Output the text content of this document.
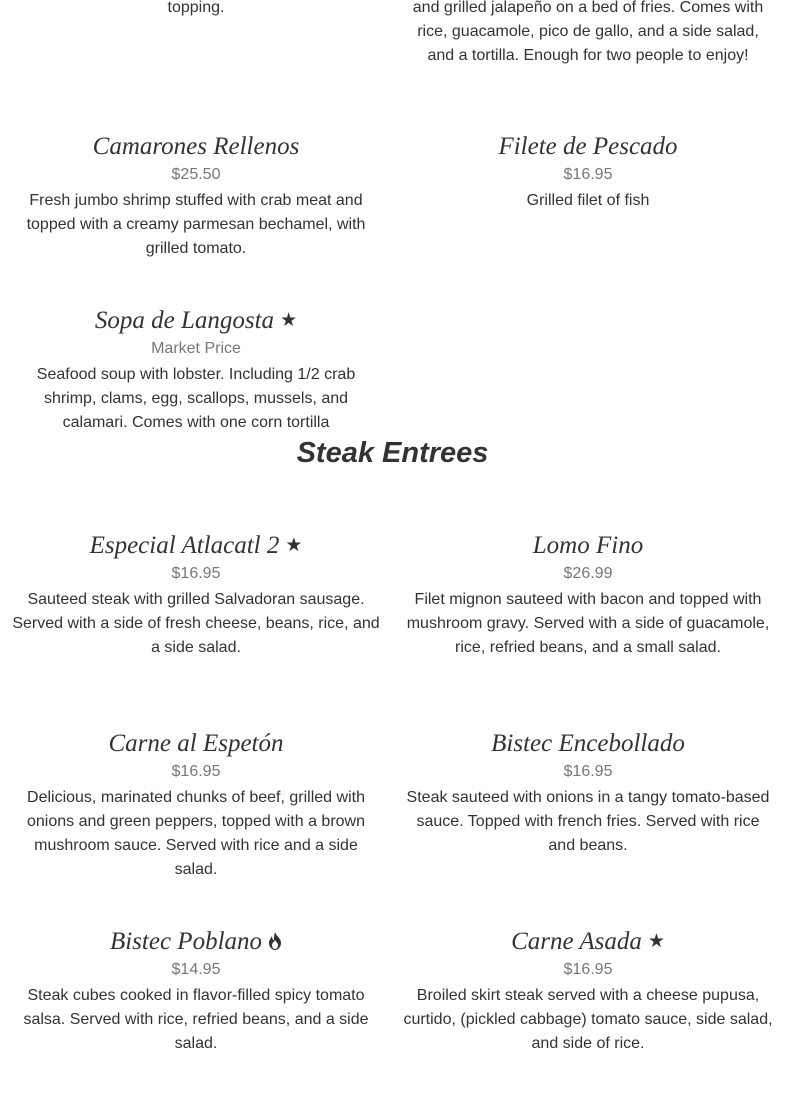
topping.	and grilled jalapeño on a bed of fries. Comes with rice, guacamole, pico de gallo, and a side salad, and a tortilla. Enough for two people to enjoy!
Camarones Rellenos
$25.50
Fresh jumbo shrimp stuffed with crab meat and topped with a creamy parmesan bechamel, with grilled tomato.
Filete de Pescado
$16.95
Grilled filet of fish
Sopa de Langosta ★
Market Price
Seafood soup with lobster. Including 1/2 crab shrimp, clams, egg, scallops, mussels, and calamari. Comes with one corn tortilla
Steak Entrees
Especial Atlacatl 2 ★
$16.95
Sauteed steak with grilled Salvadoran sausage. Served with a side of fresh cheese, beans, rice, and a side salad.
Lomo Fino
$26.99
Filet mignon sauteed with bacon and topped with mushroom gravy. Served with a side of guacamole, rice, refried beans, and a small salad.
Carne al Espetón
$16.95
Delicious, marinated chunks of beef, grilled with onions and green peppers, topped with a brown mushroom sauce. Served with rice and a side salad.
Bistec Encebollado
$16.95
Steak sauteed with onions in a tangy tomato-based sauce. Topped with french fries. Served with rice and beans.
Bistec Poblano
$14.95
Steak cubes cooked in flavor-filled spicy tomato salsa. Served with rice, refried beans, and a side salad.
Carne Asada ★
$16.95
Broiled skirt steak served with a cheese pupusa, curtido, (pickled cabbage) tomato sauce, side salad, and side of rice.
